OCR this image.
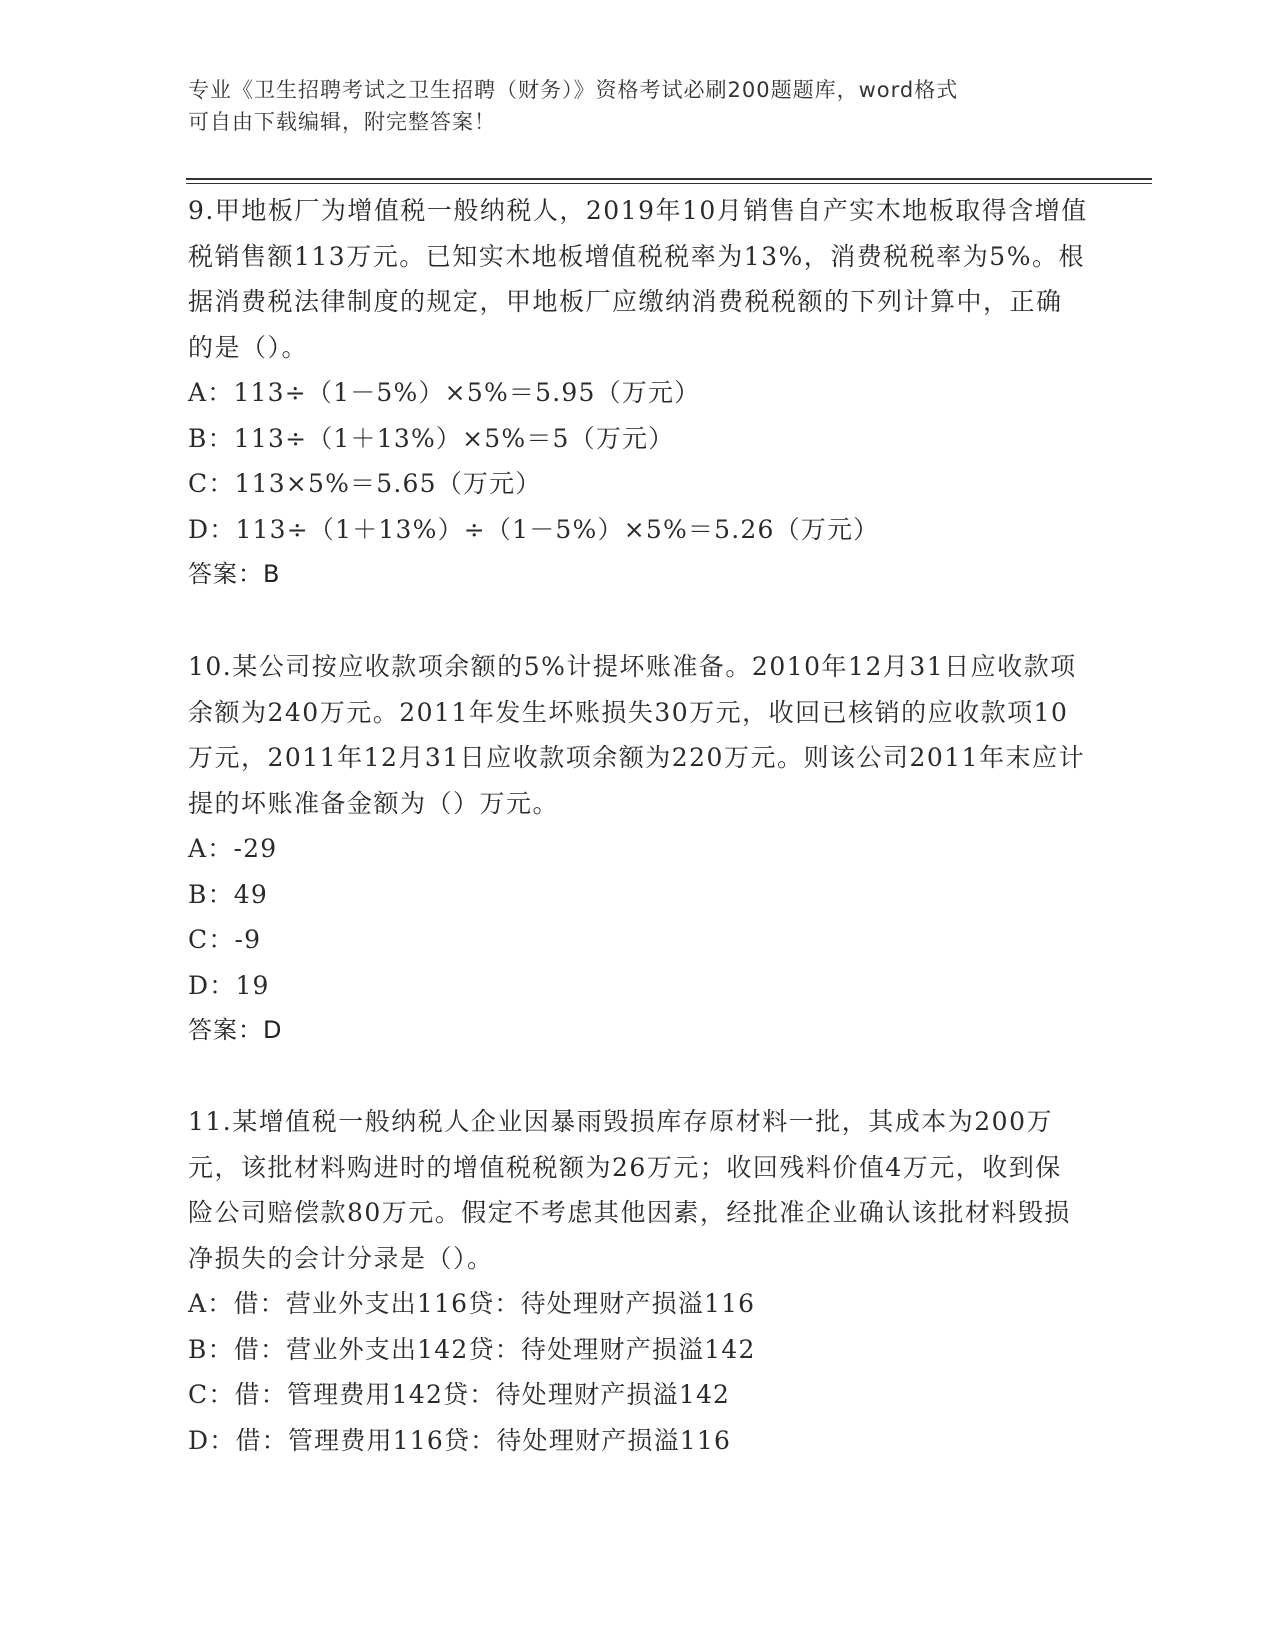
专业《卫生招聘考试之卫生招聘（财务）》资格考试必刷200题题库，word格式
可自由下载编辑，附完整答案！
9.甲地板厂为增值税一般纳税人，2019年10月销售自产实木地板取得含增值税销售额113万元。已知实木地板增值税税率为13%，消费税税率为5%。根据消费税法律制度的规定，甲地板厂应缴纳消费税税额的下列计算中，正确的是（）。
A：113÷（1－5%）×5%＝5.95（万元）
B：113÷（1＋13%）×5%＝5（万元）
C：113×5%＝5.65（万元）
D：113÷（1＋13%）÷（1－5%）×5%＝5.26（万元）
答案：B
10.某公司按应收款项余额的5%计提坏账准备。2010年12月31日应收款项余额为240万元。2011年发生坏账损失30万元，收回已核销的应收款项10万元，2011年12月31日应收款项余额为220万元。则该公司2011年末应计提的坏账准备金额为（）万元。
A：-29
B：49
C：-9
D：19
答案：D
11.某增值税一般纳税人企业因暴雨毁损库存原材料一批，其成本为200万元，该批材料购进时的增值税税额为26万元；收回残料价值4万元，收到保险公司赔偿款80万元。假定不考虑其他因素，经批准企业确认该批材料毁损净损失的会计分录是（）。
A：借：营业外支出116贷：待处理财产损溢116
B：借：营业外支出142贷：待处理财产损溢142
C：借：管理费用142贷：待处理财产损溢142
D：借：管理费用116贷：待处理财产损溢116
